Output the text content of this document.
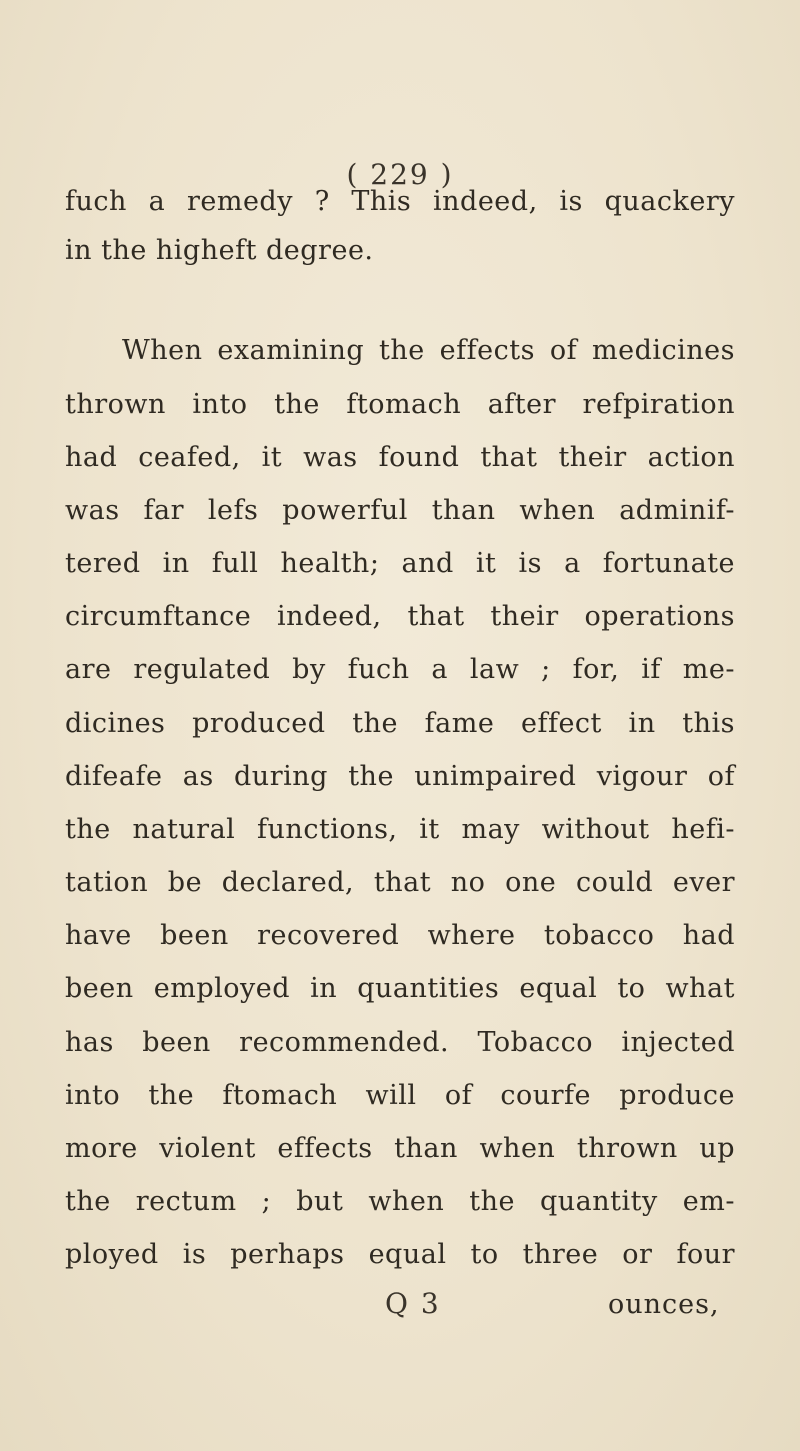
( 229 )
fuch a remedy ? This indeed, is quackery
in the higheft degree.
When examining the effects of medicines
thrown into the ftomach after refpiration
had ceafed, it was found that their action
was far lefs powerful than when adminif-
tered in full health; and it is a fortunate
circumftance indeed, that their operations
are regulated by fuch a law ; for, if me-
dicines produced the fame effect in this
difeafe as during the unimpaired vigour of
the natural functions, it may without hefi-
tation be declared, that no one could ever
have been recovered where tobacco had
been employed in quantities equal to what
has been recommended. Tobacco injected
into the ftomach will of courfe produce
more violent effects than when thrown up
the rectum ; but when the quantity em-
ployed is perhaps equal to three or four
Q 3	ounces,
